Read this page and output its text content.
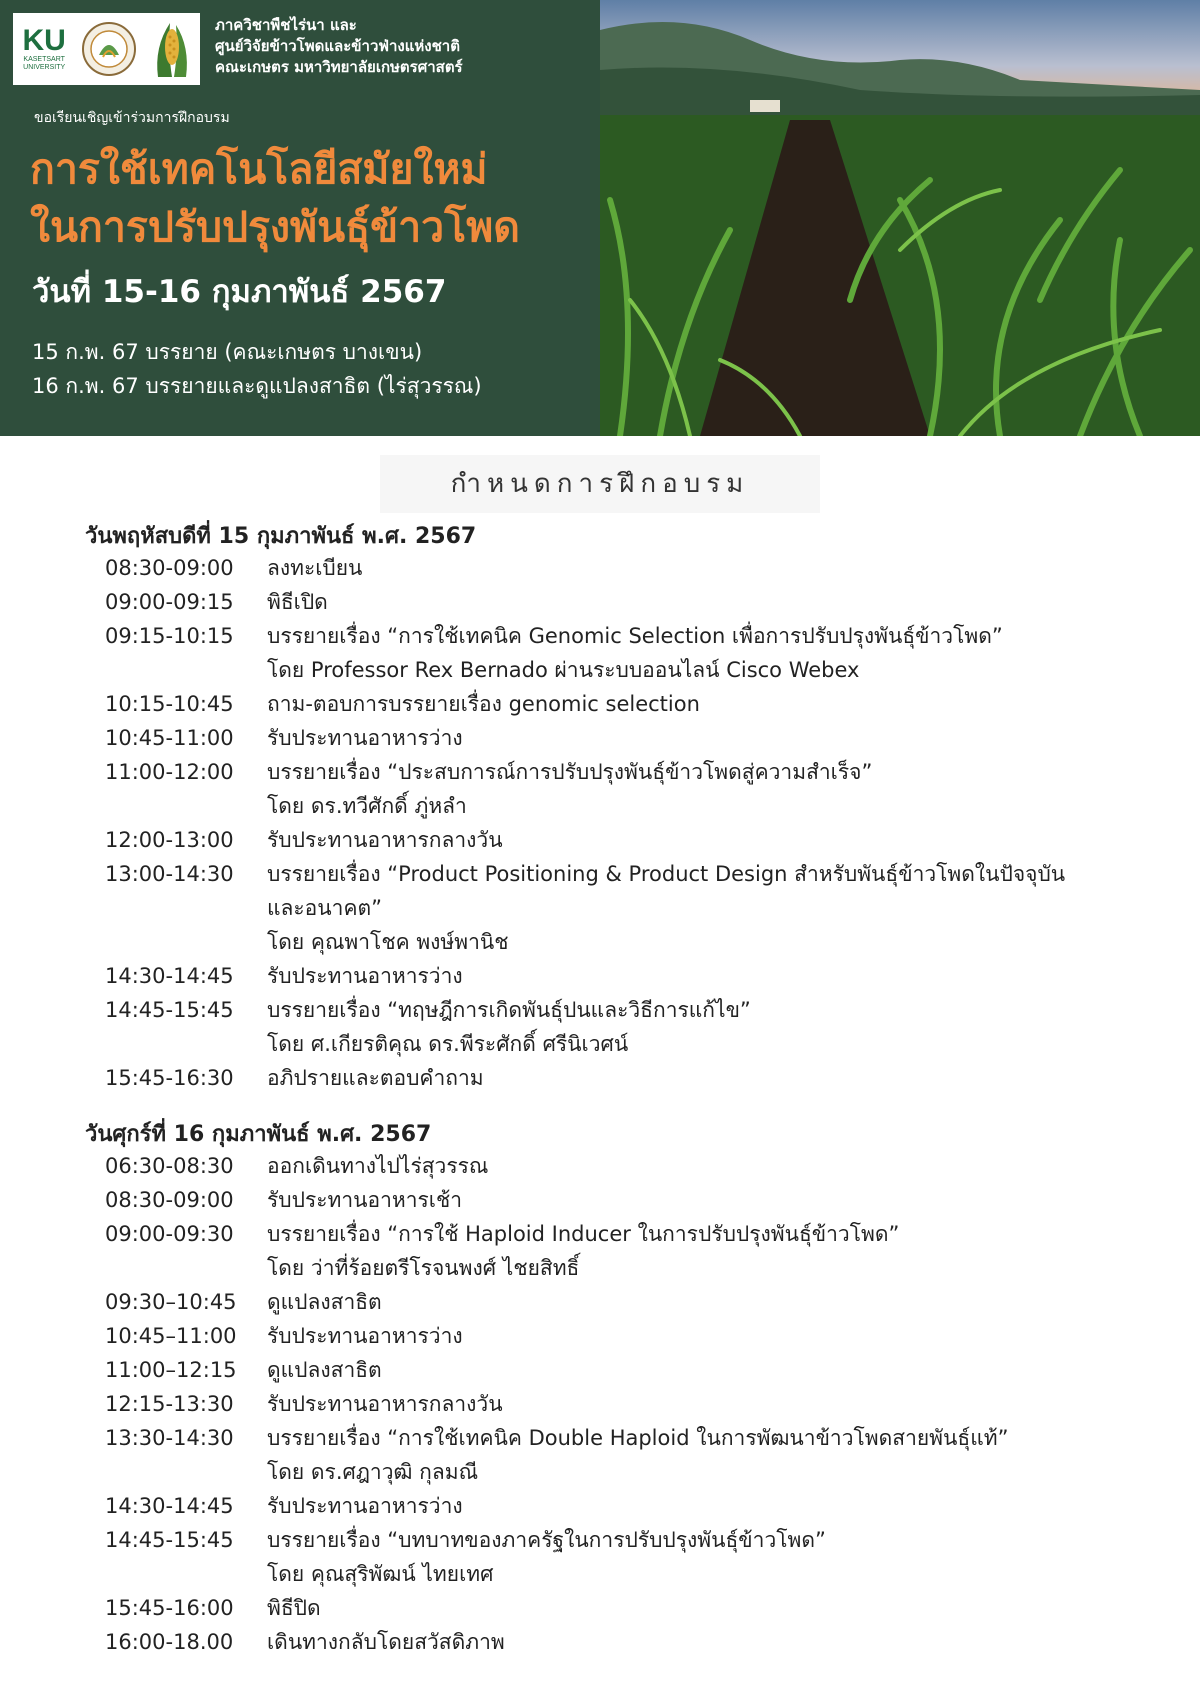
KU
KASETSART UNIVERSITY
ภาควิชาพืชไร่นา และ
ศูนย์วิจัยข้าวโพดและข้าวฟ่างแห่งชาติ
คณะเกษตร มหาวิทยาลัยเกษตรศาสตร์
ขอเรียนเชิญเข้าร่วมการฝึกอบรม
การใช้เทคโนโลยีสมัยใหม่
ในการปรับปรุงพันธุ์ข้าวโพด
วันที่ 15-16 กุมภาพันธ์ 2567
15 ก.พ. 67 บรรยาย (คณะเกษตร บางเขน)
16 ก.พ. 67 บรรยายและดูแปลงสาธิต (ไร่สุวรรณ)
กำหนดการฝึกอบรม
วันพฤหัสบดีที่ 15 กุมภาพันธ์ พ.ศ. 2567
08:30-09:00	ลงทะเบียน
09:00-09:15	พิธีเปิด
09:15-10:15	บรรยายเรื่อง “การใช้เทคนิค Genomic Selection เพื่อการปรับปรุงพันธุ์ข้าวโพด”
โดย Professor Rex Bernado ผ่านระบบออนไลน์ Cisco Webex
10:15-10:45	ถาม-ตอบการบรรยายเรื่อง genomic selection
10:45-11:00	รับประทานอาหารว่าง
11:00-12:00	บรรยายเรื่อง “ประสบการณ์การปรับปรุงพันธุ์ข้าวโพดสู่ความสำเร็จ”
โดย ดร.ทวีศักดิ์ ภู่หลำ
12:00-13:00	รับประทานอาหารกลางวัน
13:00-14:30	บรรยายเรื่อง “Product Positioning & Product Design สำหรับพันธุ์ข้าวโพดในปัจจุบัน
และอนาคต”
โดย คุณพาโชค พงษ์พานิช
14:30-14:45	รับประทานอาหารว่าง
14:45-15:45	บรรยายเรื่อง “ทฤษฎีการเกิดพันธุ์ปนและวิธีการแก้ไข”
โดย ศ.เกียรติคุณ ดร.พีระศักดิ์ ศรีนิเวศน์
15:45-16:30	อภิปรายและตอบคำถาม
วันศุกร์ที่ 16 กุมภาพันธ์ พ.ศ. 2567
06:30-08:30	ออกเดินทางไปไร่สุวรรณ
08:30-09:00	รับประทานอาหารเช้า
09:00-09:30	บรรยายเรื่อง “การใช้ Haploid Inducer ในการปรับปรุงพันธุ์ข้าวโพด”
โดย ว่าที่ร้อยตรีโรจนพงศ์ ไชยสิทธิ์
09:30–10:45	ดูแปลงสาธิต
10:45–11:00	รับประทานอาหารว่าง
11:00–12:15	ดูแปลงสาธิต
12:15-13:30	รับประทานอาหารกลางวัน
13:30-14:30	บรรยายเรื่อง “การใช้เทคนิค Double Haploid ในการพัฒนาข้าวโพดสายพันธุ์แท้”
โดย ดร.ศฎาวุฒิ กุลมณี
14:30-14:45	รับประทานอาหารว่าง
14:45-15:45	บรรยายเรื่อง “บทบาทของภาครัฐในการปรับปรุงพันธุ์ข้าวโพด”
โดย คุณสุริพัฒน์ ไทยเทศ
15:45-16:00	พิธีปิด
16:00-18.00	เดินทางกลับโดยสวัสดิภาพ
